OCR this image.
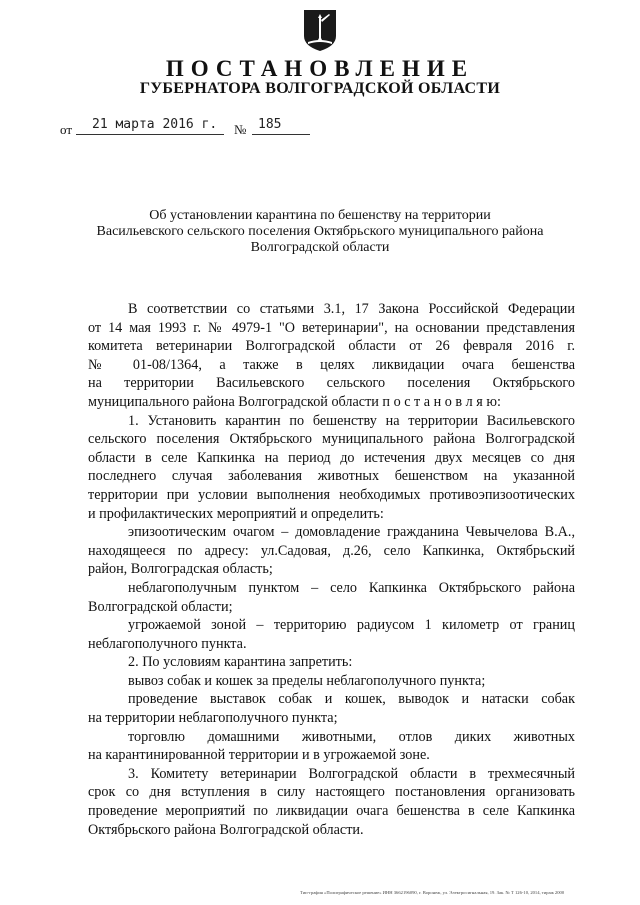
ПОСТАНОВЛЕНИЕ
ГУБЕРНАТОРА ВОЛГОГРАДСКОЙ ОБЛАСТИ
от 21 марта 2016 г. № 185
Об установлении карантина по бешенству на территории
Васильевского сельского поселения Октябрьского муниципального района
Волгоградской области
В соответствии со статьями 3.1, 17 Закона Российской Федерации
от 14 мая 1993 г. № 4979-1 "О ветеринарии", на основании представления
комитета ветеринарии Волгоградской области от 26 февраля 2016 г.
№ 01-08/1364, а также в целях ликвидации очага бешенства
на территории Васильевского сельского поселения Октябрьского
муниципального района Волгоградской области п о с т а н о в л я ю:
1. Установить карантин по бешенству на территории Васильевского
сельского поселения Октябрьского муниципального района Волгоградской
области в селе Капкинка на период до истечения двух месяцев со дня
последнего случая заболевания животных бешенством на указанной
территории при условии выполнения необходимых противоэпизоотических
и профилактических мероприятий и определить:
эпизоотическим очагом – домовладение гражданина Чевычелова В.А.,
находящееся по адресу: ул.Садовая, д.26, село Капкинка, Октябрьский
район, Волгоградская область;
неблагополучным пунктом – село Капкинка Октябрьского района
Волгоградской области;
угрожаемой зоной – территорию радиусом 1 километр от границ
неблагополучного пункта.
2. По условиям карантина запретить:
вывоз собак и кошек за пределы неблагополучного пункта;
проведение выставок собак и кошек, выводок и натаски собак
на территории неблагополучного пункта;
торговлю домашними животными, отлов диких животных
на карантинированной территории и в угрожаемой зоне.
3. Комитету ветеринарии Волгоградской области в трехмесячный
срок со дня вступления в силу настоящего постановления организовать
проведение мероприятий по ликвидации очага бешенства в селе Капкинка
Октябрьского района Волгоградской области.
Тип-графия «Полиграфическое решение» ИНН 3662196090, г. Воронеж, ул. Электросигнальная, 19. Зак. № Т 126-10, 2014, тираж 2000
